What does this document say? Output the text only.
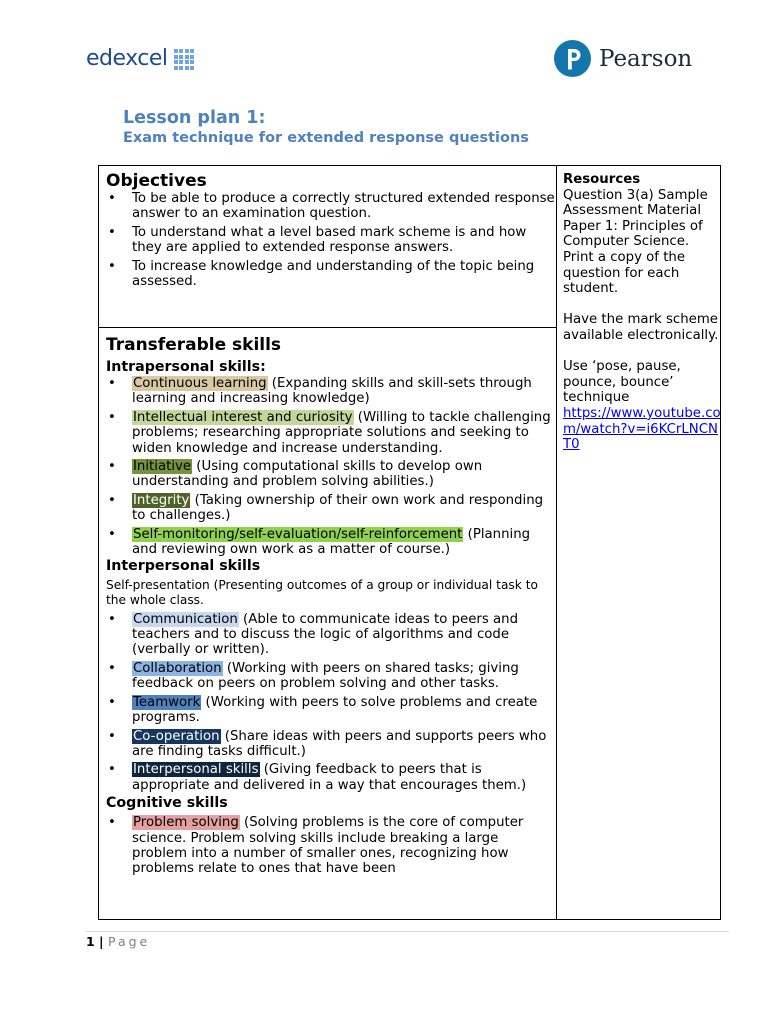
edexcel	Pearson
Lesson plan 1:
Exam technique for extended response questions
Objectives
• To be able to produce a correctly structured extended response answer to an examination question.
• To understand what a level based mark scheme is and how they are applied to extended response answers.
• To increase knowledge and understanding of the topic being assessed.
Transferable skills
Intrapersonal skills:
• Continuous learning (Expanding skills and skill-sets through learning and increasing knowledge)
• Intellectual interest and curiosity (Willing to tackle challenging problems; researching appropriate solutions and seeking to widen knowledge and increase understanding.
• Initiative (Using computational skills to develop own understanding and problem solving abilities.)
• Integrity (Taking ownership of their own work and responding to challenges.)
• Self-monitoring/self-evaluation/self-reinforcement (Planning and reviewing own work as a matter of course.)
Interpersonal skills
Self-presentation (Presenting outcomes of a group or individual task to the whole class.
• Communication (Able to communicate ideas to peers and teachers and to discuss the logic of algorithms and code (verbally or written).
• Collaboration (Working with peers on shared tasks; giving feedback on peers on problem solving and other tasks.
• Teamwork (Working with peers to solve problems and create programs.
• Co-operation (Share ideas with peers and supports peers who are finding tasks difficult.)
• Interpersonal skills (Giving feedback to peers that is appropriate and delivered in a way that encourages them.)
Cognitive skills
• Problem solving (Solving problems is the core of computer science. Problem solving skills include breaking a large problem into a number of smaller ones, recognizing how problems relate to ones that have been
Resources
Question 3(a) Sample Assessment Material Paper 1: Principles of Computer Science. Print a copy of the question for each student.
Have the mark scheme available electronically.
Use ‘pose, pause, pounce, bounce’ technique
https://www.youtube.com/watch?v=i6KCrLNCNT0
1 | Page
